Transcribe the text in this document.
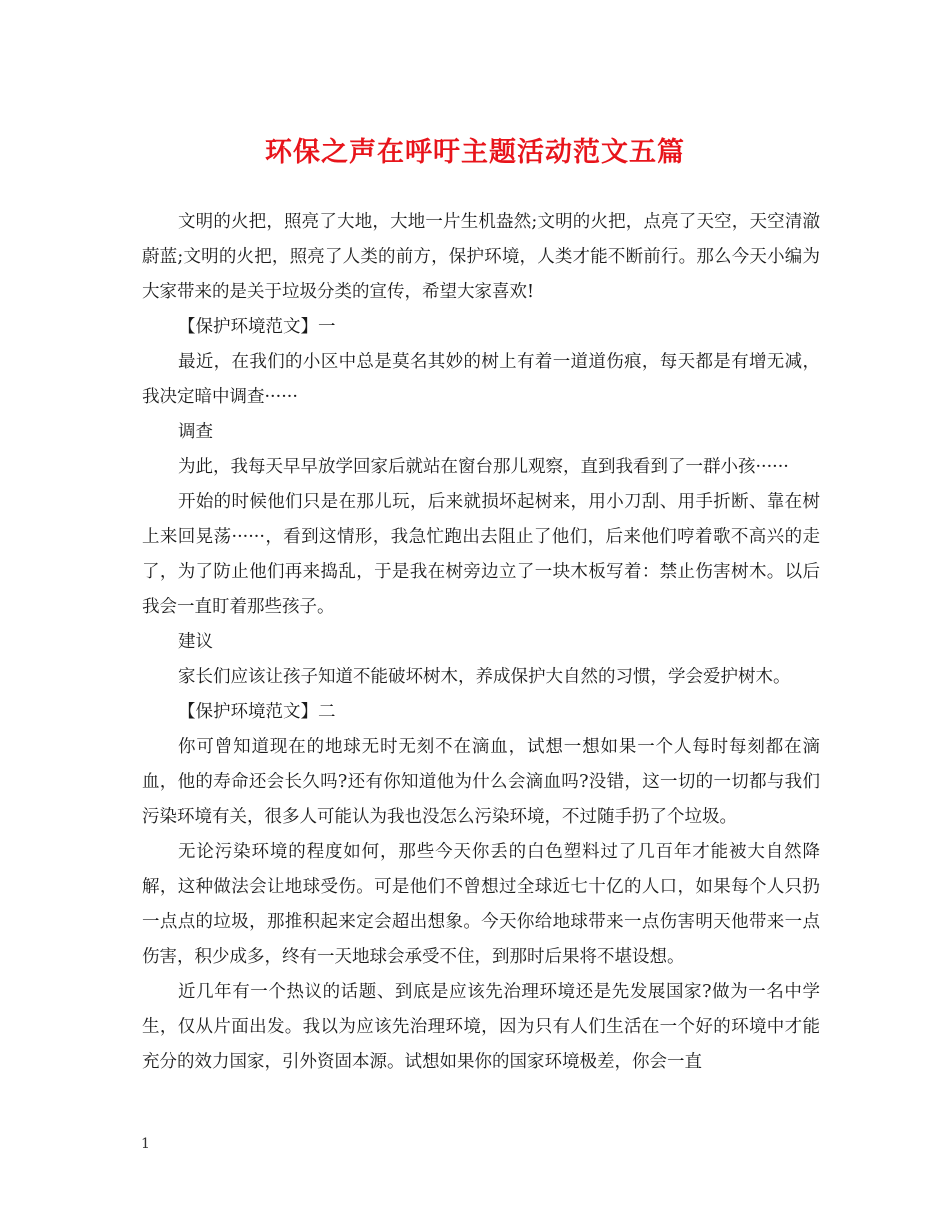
环保之声在呼吁主题活动范文五篇

文明的火把，照亮了大地，大地一片生机盎然;文明的火把，点亮了天空，天空清澈蔚蓝;文明的火把，照亮了人类的前方，保护环境，人类才能不断前行。那么今天小编为大家带来的是关于垃圾分类的宣传，希望大家喜欢!

【保护环境范文】一

最近，在我们的小区中总是莫名其妙的树上有着一道道伤痕，每天都是有增无减，我决定暗中调查······

调查

为此，我每天早早放学回家后就站在窗台那儿观察，直到我看到了一群小孩······

开始的时候他们只是在那儿玩，后来就损坏起树来，用小刀刮、用手折断、靠在树上来回晃荡······，看到这情形，我急忙跑出去阻止了他们，后来他们哼着歌不高兴的走了，为了防止他们再来捣乱，于是我在树旁边立了一块木板写着：禁止伤害树木。以后我会一直盯着那些孩子。

建议

家长们应该让孩子知道不能破坏树木，养成保护大自然的习惯，学会爱护树木。

【保护环境范文】二

你可曾知道现在的地球无时无刻不在滴血，试想一想如果一个人每时每刻都在滴血，他的寿命还会长久吗?还有你知道他为什么会滴血吗?没错，这一切的一切都与我们污染环境有关，很多人可能认为我也没怎么污染环境，不过随手扔了个垃圾。

无论污染环境的程度如何，那些今天你丢的白色塑料过了几百年才能被大自然降解，这种做法会让地球受伤。可是他们不曾想过全球近七十亿的人口，如果每个人只扔一点点的垃圾，那推积起来定会超出想象。今天你给地球带来一点伤害明天他带来一点伤害，积少成多，终有一天地球会承受不住，到那时后果将不堪设想。

近几年有一个热议的话题、到底是应该先治理环境还是先发展国家?做为一名中学生，仅从片面出发。我以为应该先治理环境，因为只有人们生活在一个好的环境中才能充分的效力国家，引外资固本源。试想如果你的国家环境极差，你会一直

1
